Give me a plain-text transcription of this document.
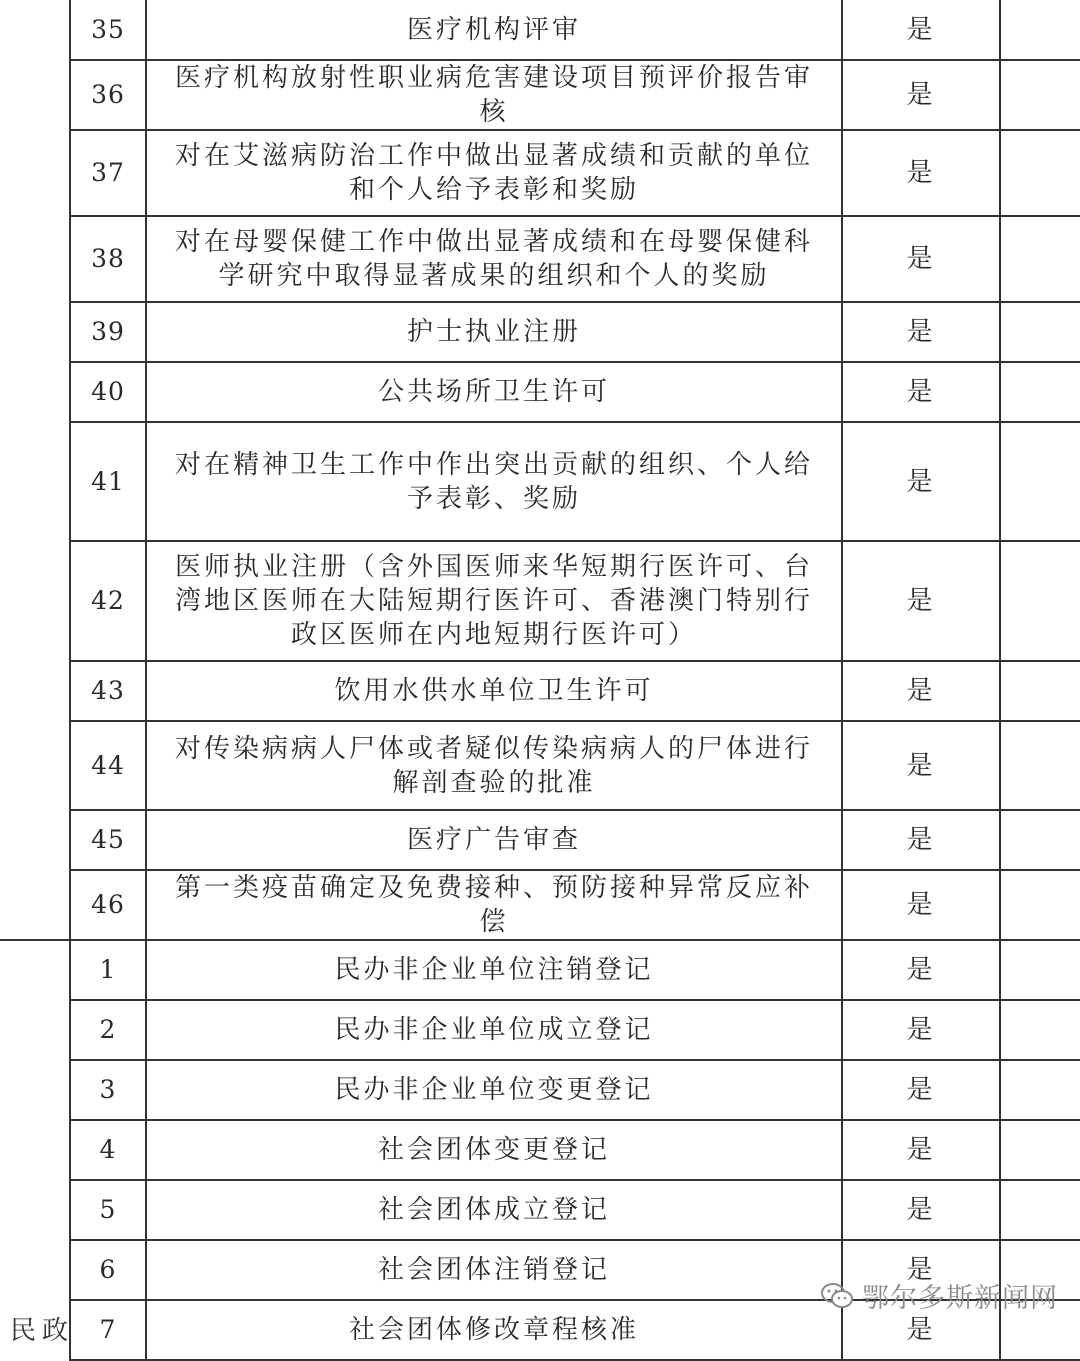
	35	医疗机构评审	是	
	36	医疗机构放射性职业病危害建设项目预评价报告审核	是	
	37	对在艾滋病防治工作中做出显著成绩和贡献的单位和个人给予表彰和奖励	是	
	38	对在母婴保健工作中做出显著成绩和在母婴保健科学研究中取得显著成果的组织和个人的奖励	是	
	39	护士执业注册	是	
	40	公共场所卫生许可	是	
	41	对在精神卫生工作中作出突出贡献的组织、个人给予表彰、奖励	是	
	42	医师执业注册（含外国医师来华短期行医许可、台湾地区医师在大陆短期行医许可、香港澳门特别行政区医师在内地短期行医许可）	是	
	43	饮用水供水单位卫生许可	是	
	44	对传染病病人尸体或者疑似传染病病人的尸体进行解剖查验的批准	是	
	45	医疗广告审查	是	
	46	第一类疫苗确定及免费接种、预防接种异常反应补偿	是	
	1	民办非企业单位注销登记	是	
	2	民办非企业单位成立登记	是	
	3	民办非企业单位变更登记	是	
	4	社会团体变更登记	是	
	5	社会团体成立登记	是	
	6	社会团体注销登记	是	
	7	社会团体修改章程核准	是	
民政
鄂尔多斯新闻网
